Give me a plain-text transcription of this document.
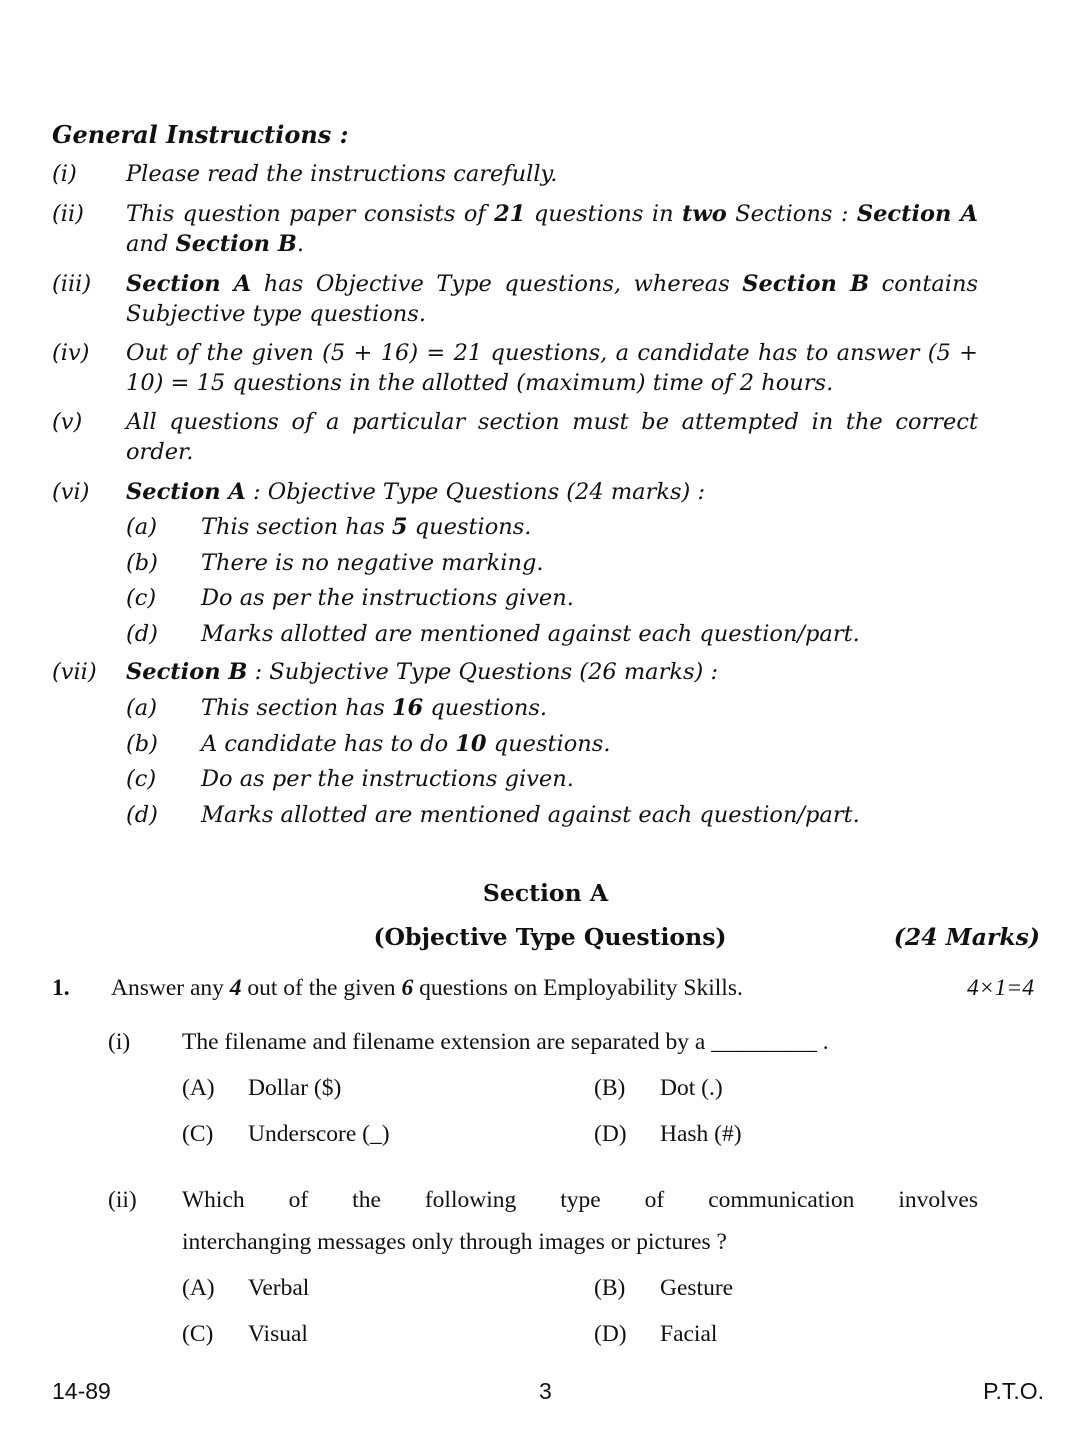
General Instructions :
(i)	Please read the instructions carefully.
(ii)	This question paper consists of 21 questions in two Sections : Section A and Section B.
(iii)	Section A has Objective Type questions, whereas Section B contains Subjective type questions.
(iv)	Out of the given (5 + 16) = 21 questions, a candidate has to answer (5 + 10) = 15 questions in the allotted (maximum) time of 2 hours.
(v)	All questions of a particular section must be attempted in the correct order.
(vi)	Section A : Objective Type Questions (24 marks) :
(a) This section has 5 questions.
(b) There is no negative marking.
(c) Do as per the instructions given.
(d) Marks allotted are mentioned against each question/part.
(vii)	Section B : Subjective Type Questions (26 marks) :
(a) This section has 16 questions.
(b) A candidate has to do 10 questions.
(c) Do as per the instructions given.
(d) Marks allotted are mentioned against each question/part.
Section A
(Objective Type Questions)	(24 Marks)
1. Answer any 4 out of the given 6 questions on Employability Skills.	4×1=4
(i) The filename and filename extension are separated by a _________ .
(A) Dollar ($)	(B) Dot (.)
(C) Underscore (_)	(D) Hash (#)
(ii) Which of the following type of communication involves
interchanging messages only through images or pictures ?
(A) Verbal	(B) Gesture
(C) Visual	(D) Facial
14-89	3	P.T.O.
